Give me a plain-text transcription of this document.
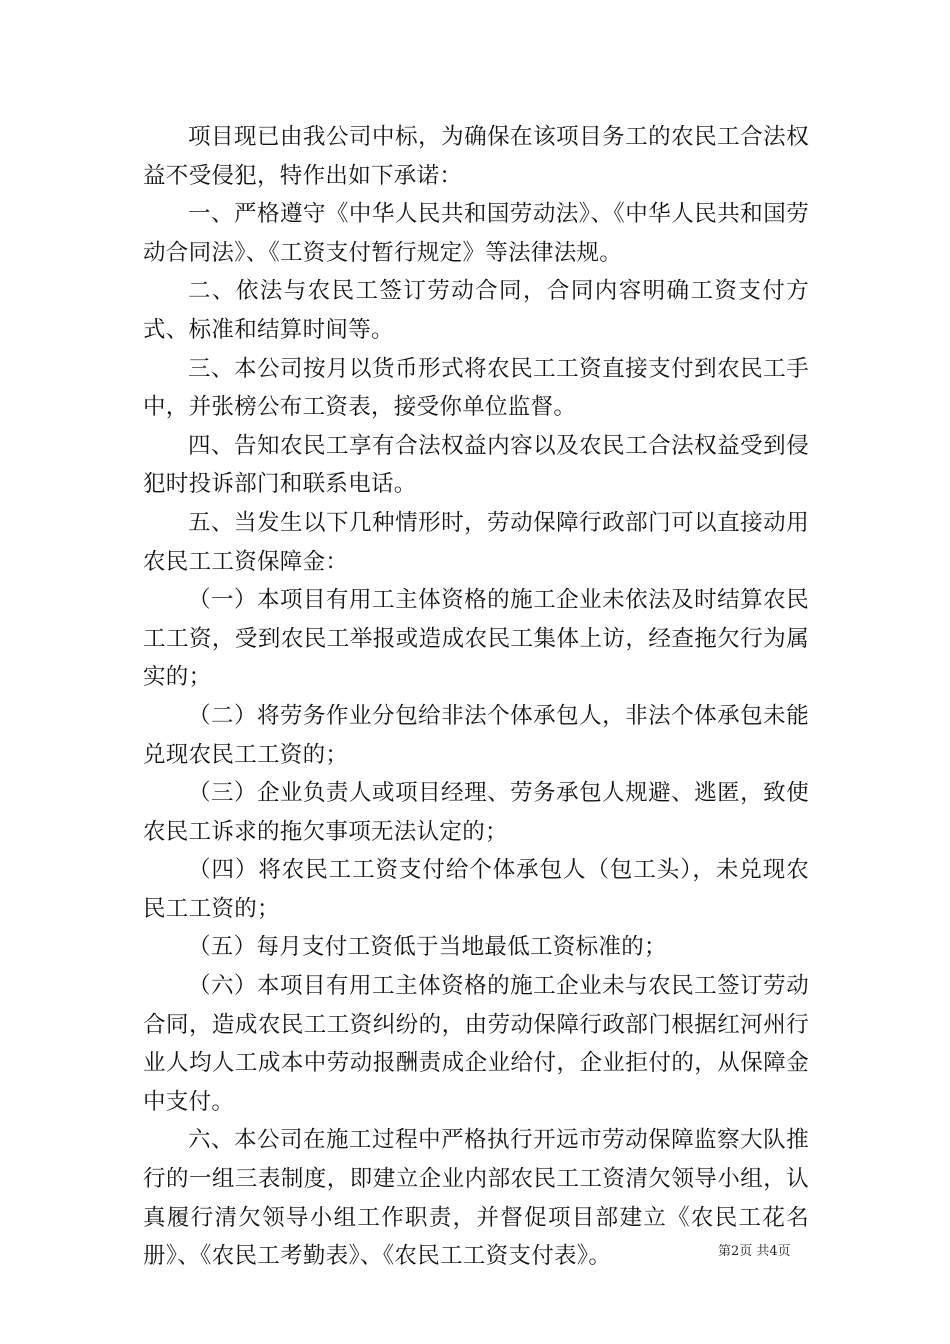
项目现已由我公司中标，为确保在该项目务工的农民工合法权益不受侵犯，特作出如下承诺：

一、严格遵守《中华人民共和国劳动法》、《中华人民共和国劳动合同法》、《工资支付暂行规定》等法律法规。

二、依法与农民工签订劳动合同，合同内容明确工资支付方式、标准和结算时间等。

三、本公司按月以货币形式将农民工工资直接支付到农民工手中，并张榜公布工资表，接受你单位监督。

四、告知农民工享有合法权益内容以及农民工合法权益受到侵犯时投诉部门和联系电话。

五、当发生以下几种情形时，劳动保障行政部门可以直接动用农民工工资保障金：

（一）本项目有用工主体资格的施工企业未依法及时结算农民工工资，受到农民工举报或造成农民工集体上访，经查拖欠行为属实的；

（二）将劳务作业分包给非法个体承包人，非法个体承包未能兑现农民工工资的；

（三）企业负责人或项目经理、劳务承包人规避、逃匿，致使农民工诉求的拖欠事项无法认定的；

（四）将农民工工资支付给个体承包人（包工头），未兑现农民工工资的；

（五）每月支付工资低于当地最低工资标准的；

（六）本项目有用工主体资格的施工企业未与农民工签订劳动合同，造成农民工工资纠纷的，由劳动保障行政部门根据红河州行业人均人工成本中劳动报酬责成企业给付，企业拒付的，从保障金中支付。

六、本公司在施工过程中严格执行开远市劳动保障监察大队推行的一组三表制度，即建立企业内部农民工工资清欠领导小组，认真履行清欠领导小组工作职责，并督促项目部建立《农民工花名册》、《农民工考勤表》、《农民工工资支付表》。	第2页 共4页
